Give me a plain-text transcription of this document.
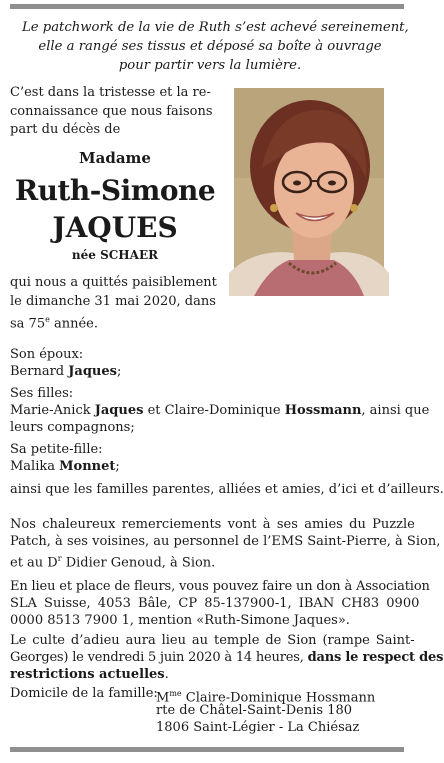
Le patchwork de la vie de Ruth s’est achevé sereinement,
elle a rangé ses tissus et déposé sa boîte à ouvrage
pour partir vers la lumière.
C’est dans la tristesse et la re-
connaissance que nous faisons
part du décès de
Madame
Ruth-Simone
JAQUES
née SCHAER
qui nous a quittés paisiblement
le dimanche 31 mai 2020, dans
sa 75e année.
Son époux:
Bernard Jaques;
Ses filles:
Marie-Anick Jaques et Claire-Dominique Hossmann, ainsi que
leurs compagnons;
Sa petite-fille:
Malika Monnet;
ainsi que les familles parentes, alliées et amies, d’ici et d’ailleurs.
Nos chaleureux remerciements vont à ses amies du Puzzle
Patch, à ses voisines, au personnel de l’EMS Saint-Pierre, à Sion,
et au $D^r$ Didier Genoud, à Sion.
En lieu et place de fleurs, vous pouvez faire un don à Association
SLA Suisse, 4053 Bâle, CP 85-137900-1, IBAN CH83 0900
0000 8513 7900 1, mention «Ruth-Simone Jaques».
Le culte d’adieu aura lieu au temple de Sion (rampe Saint-
Georges) le vendredi 5 juin 2020 à 14 heures, dans le respect des
restrictions actuelles.
Domicile de la famille:
$M^{me}$ Claire-Dominique Hossmann
rte de Châtel-Saint-Denis 180
1806 Saint-Légier - La Chiésaz
